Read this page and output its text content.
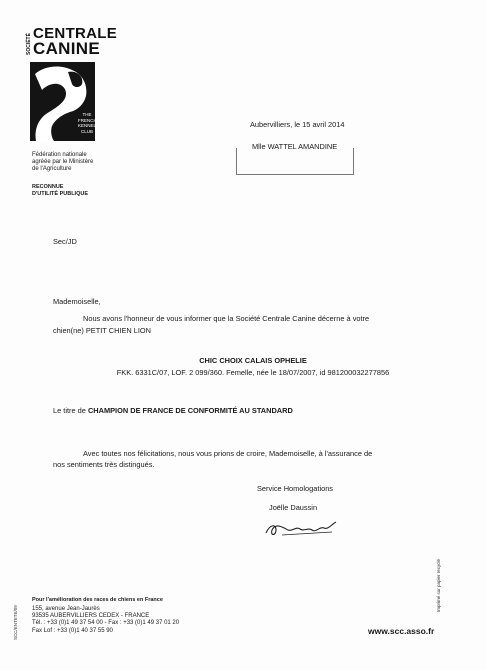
SOCIÉTÉ CENTRALE
CANINE
THE
FRENCH
KENNEL
CLUB
Fédération nationale
agréée par le Ministère
de l'Agriculture
RECONNUE
D'UTILITÉ PUBLIQUE
Aubervilliers, le 15 avril 2014
Mlle WATTEL AMANDINE
Sec/JD
Mademoiselle,
Nous avons l'honneur de vous informer que la Société Centrale Canine décerne à votre
chien(ne) PETIT CHIEN LION
CHIC CHOIX CALAIS OPHELIE
FKK. 6331C/07, LOF. 2 099/360. Femelle, née le 18/07/2007, id 981200032277856
Le titre de CHAMPION DE FRANCE DE CONFORMITÉ AU STANDARD
Avec toutes nos félicitations, nous vous prions de croire, Mademoiselle, à l'assurance de
nos sentiments très distingués.
Service Homologations
Joëlle Daussin
Pour l'amélioration des races de chiens en France
155, avenue Jean-Jaurès
93535 AUBERVILLIERS CEDEX - FRANCE
Tél. : +33 (0)1 49 37 54 00 - Fax : +33 (0)1 49 37 01 20
Fax Lof : +33 (0)1 40 37 55 90	www.scc.asso.fr
SCC/ENTETE/09
Imprimé sur papier recyclé
